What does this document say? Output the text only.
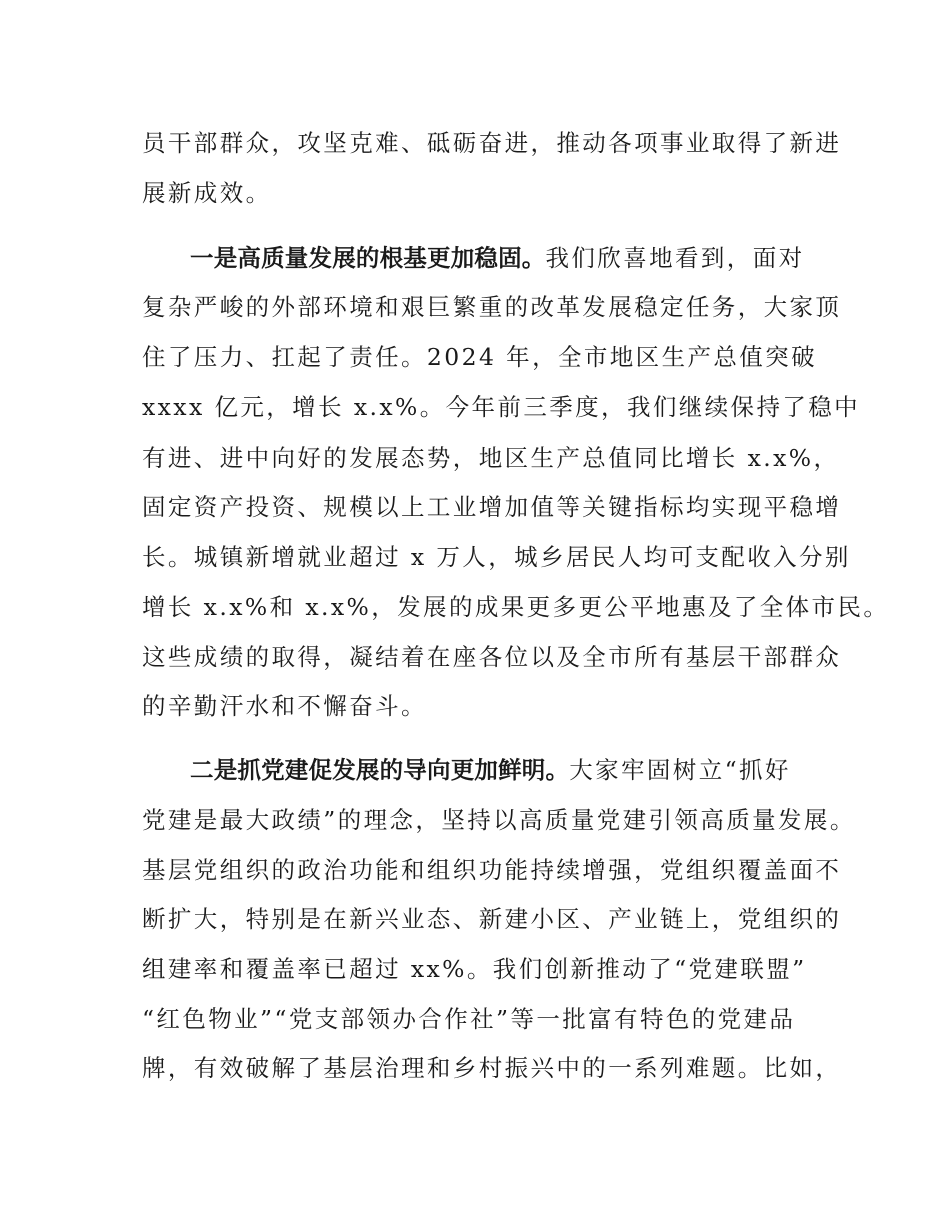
员干部群众，攻坚克难、砥砺奋进，推动各项事业取得了新进
展新成效。
一是高质量发展的根基更加稳固。我们欣喜地看到，面对
复杂严峻的外部环境和艰巨繁重的改革发展稳定任务，大家顶
住了压力、扛起了责任。2024 年，全市地区生产总值突破
xxxx 亿元，增长 x.x%。今年前三季度，我们继续保持了稳中
有进、进中向好的发展态势，地区生产总值同比增长 x.x%，
固定资产投资、规模以上工业增加值等关键指标均实现平稳增
长。城镇新增就业超过 x 万人，城乡居民人均可支配收入分别
增长 x.x%和 x.x%，发展的成果更多更公平地惠及了全体市民。
这些成绩的取得，凝结着在座各位以及全市所有基层干部群众
的辛勤汗水和不懈奋斗。
二是抓党建促发展的导向更加鲜明。大家牢固树立“抓好
党建是最大政绩”的理念，坚持以高质量党建引领高质量发展。
基层党组织的政治功能和组织功能持续增强，党组织覆盖面不
断扩大，特别是在新兴业态、新建小区、产业链上，党组织的
组建率和覆盖率已超过 xx%。我们创新推动了“党建联盟”
“红色物业”“党支部领办合作社”等一批富有特色的党建品
牌，有效破解了基层治理和乡村振兴中的一系列难题。比如，
